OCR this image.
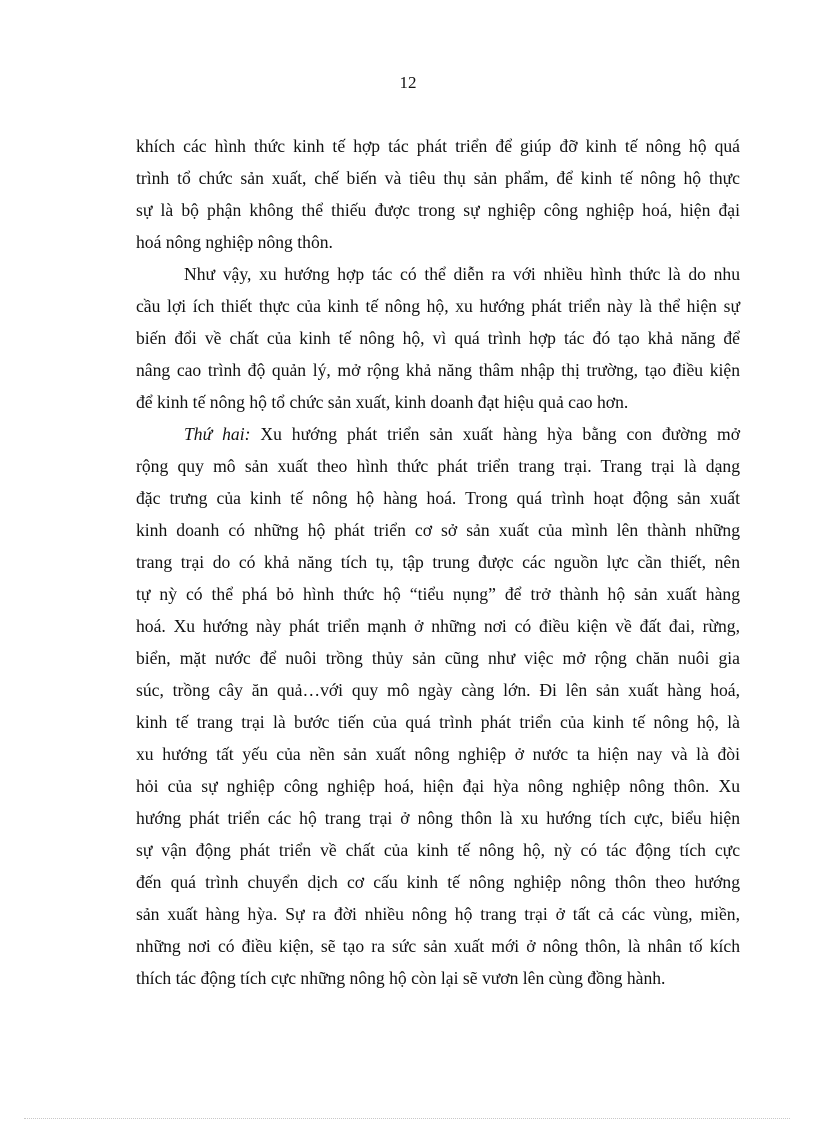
12
khích các hình thức kinh tế hợp tác phát triển để giúp đỡ kinh tế nông hộ quá
trình tổ chức sản xuất, chế biến và tiêu thụ sản phẩm, để kinh tế nông hộ thực
sự là bộ phận không thể thiếu được trong sự nghiệp công nghiệp hoá, hiện đại
hoá nông nghiệp nông thôn.
Như vậy, xu hướng hợp tác có thể diễn ra với nhiều hình thức là do nhu
cầu lợi ích thiết thực của kinh tế nông hộ, xu hướng phát triển này là thể hiện sự
biến đổi về chất của kinh tế nông hộ, vì quá trình hợp tác đó tạo khả năng để
nâng cao trình độ quản lý, mở rộng khả năng thâm nhập thị trường, tạo điều kiện
để kinh tế nông hộ tổ chức sản xuất, kinh doanh đạt hiệu quả cao hơn.
Thứ hai: Xu hướng phát triển sản xuất hàng hỳa bằng con đường mở
rộng quy mô sản xuất theo hình thức phát triển trang trại. Trang trại là dạng
đặc trưng của kinh tế nông hộ hàng hoá. Trong quá trình hoạt động sản xuất
kinh doanh có những hộ phát triển cơ sở sản xuất của mình lên thành những
trang trại do có khả năng tích tụ, tập trung được các nguồn lực cần thiết, nên
tự nỳ có thể phá bỏ hình thức hộ “tiểu nụng” để trở thành hộ sản xuất hàng
hoá. Xu hướng này phát triển mạnh ở những nơi có điều kiện về đất đai, rừng,
biển, mặt nước để nuôi trồng thủy sản cũng như việc mở rộng chăn nuôi gia
súc, trồng cây ăn quả…với quy mô ngày càng lớn. Đi lên sản xuất hàng hoá,
kinh tế trang trại là bước tiến của quá trình phát triển của kinh tế nông hộ, là
xu hướng tất yếu của nền sản xuất nông nghiệp ở nước ta hiện nay và là đòi
hỏi của sự nghiệp công nghiệp hoá, hiện đại hỳa nông nghiệp nông thôn. Xu
hướng phát triển các hộ trang trại ở nông thôn là xu hướng tích cực, biểu hiện
sự vận động phát triển về chất của kinh tế nông hộ, nỳ có tác động tích cực
đến quá trình chuyển dịch cơ cấu kinh tế nông nghiệp nông thôn theo hướng
sản xuất hàng hỳa. Sự ra đời nhiều nông hộ trang trại ở tất cả các vùng, miền,
những nơi có điều kiện, sẽ tạo ra sức sản xuất mới ở nông thôn, là nhân tố kích
thích tác động tích cực những nông hộ còn lại sẽ vươn lên cùng đồng hành.
